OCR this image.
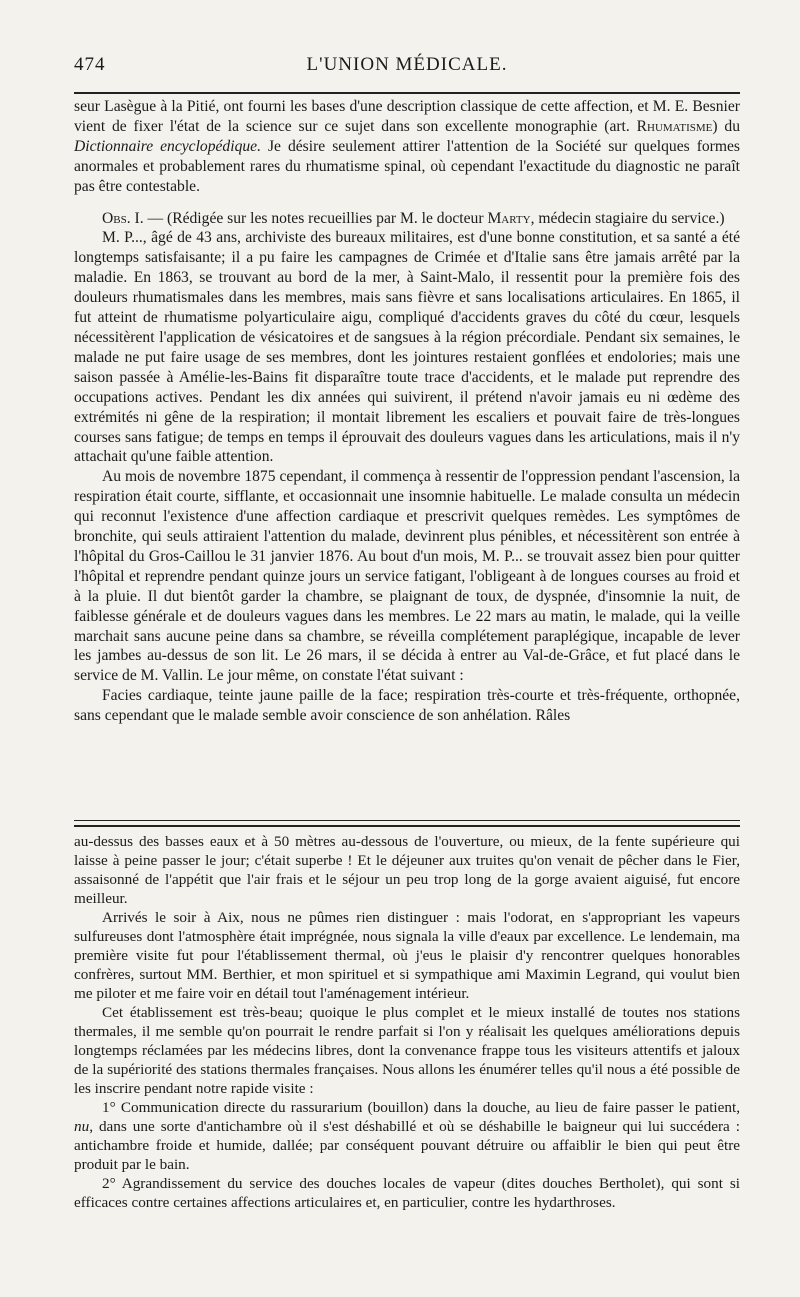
474	L'UNION MÉDICALE.

seur Lasègue à la Pitié, ont fourni les bases d'une description classique de cette affection, et M. E. Besnier vient de fixer l'état de la science sur ce sujet dans son excellente monographie (art. Rhumatisme) du Dictionnaire encyclopédique. Je désire seulement attirer l'attention de la Société sur quelques formes anormales et probablement rares du rhumatisme spinal, où cependant l'exactitude du diagnostic ne paraît pas être contestable.

Obs. I. — (Rédigée sur les notes recueillies par M. le docteur Marty, médecin stagiaire du service.)

M. P..., âgé de 43 ans, archiviste des bureaux militaires, est d'une bonne constitution, et sa santé a été longtemps satisfaisante; il a pu faire les campagnes de Crimée et d'Italie sans être jamais arrêté par la maladie. En 1863, se trouvant au bord de la mer, à Saint-Malo, il ressentit pour la première fois des douleurs rhumatismales dans les membres, mais sans fièvre et sans localisations articulaires. En 1865, il fut atteint de rhumatisme polyarticulaire aigu, compliqué d'accidents graves du côté du cœur, lesquels nécessitèrent l'application de vésicatoires et de sangsues à la région précordiale. Pendant six semaines, le malade ne put faire usage de ses membres, dont les jointures restaient gonflées et endolories; mais une saison passée à Amélie-les-Bains fit disparaître toute trace d'accidents, et le malade put reprendre des occupations actives. Pendant les dix années qui suivirent, il prétend n'avoir jamais eu ni œdème des extrémités ni gêne de la respiration; il montait librement les escaliers et pouvait faire de très-longues courses sans fatigue; de temps en temps il éprouvait des douleurs vagues dans les articulations, mais il n'y attachait qu'une faible attention.

Au mois de novembre 1875 cependant, il commença à ressentir de l'oppression pendant l'ascension, la respiration était courte, sifflante, et occasionnait une insomnie habituelle. Le malade consulta un médecin qui reconnut l'existence d'une affection cardiaque et prescrivit quelques remèdes. Les symptômes de bronchite, qui seuls attiraient l'attention du malade, devinrent plus pénibles, et nécessitèrent son entrée à l'hôpital du Gros-Caillou le 31 janvier 1876. Au bout d'un mois, M. P... se trouvait assez bien pour quitter l'hôpital et reprendre pendant quinze jours un service fatigant, l'obligeant à de longues courses au froid et à la pluie. Il dut bientôt garder la chambre, se plaignant de toux, de dyspnée, d'insomnie la nuit, de faiblesse générale et de douleurs vagues dans les membres. Le 22 mars au matin, le malade, qui la veille marchait sans aucune peine dans sa chambre, se réveilla complétement paraplégique, incapable de lever les jambes au-dessus de son lit. Le 26 mars, il se décida à entrer au Val-de-Grâce, et fut placé dans le service de M. Vallin. Le jour même, on constate l'état suivant :

Facies cardiaque, teinte jaune paille de la face; respiration très-courte et très-fréquente, orthopnée, sans cependant que le malade semble avoir conscience de son anhélation. Râles

au-dessus des basses eaux et à 50 mètres au-dessous de l'ouverture, ou mieux, de la fente supérieure qui laisse à peine passer le jour; c'était superbe ! Et le déjeuner aux truites qu'on venait de pêcher dans le Fier, assaisonné de l'appétit que l'air frais et le séjour un peu trop long de la gorge avaient aiguisé, fut encore meilleur.

Arrivés le soir à Aix, nous ne pûmes rien distinguer : mais l'odorat, en s'appropriant les vapeurs sulfureuses dont l'atmosphère était imprégnée, nous signala la ville d'eaux par excellence. Le lendemain, ma première visite fut pour l'établissement thermal, où j'eus le plaisir d'y rencontrer quelques honorables confrères, surtout MM. Berthier, et mon spirituel et si sympathique ami Maximin Legrand, qui voulut bien me piloter et me faire voir en détail tout l'aménagement intérieur.

Cet établissement est très-beau; quoique le plus complet et le mieux installé de toutes nos stations thermales, il me semble qu'on pourrait le rendre parfait si l'on y réalisait les quelques améliorations depuis longtemps réclamées par les médecins libres, dont la convenance frappe tous les visiteurs attentifs et jaloux de la supériorité des stations thermales françaises. Nous allons les énumérer telles qu'il nous a été possible de les inscrire pendant notre rapide visite :

1° Communication directe du rassurarium (bouillon) dans la douche, au lieu de faire passer le patient, nu, dans une sorte d'antichambre où il s'est déshabillé et où se déshabille le baigneur qui lui succédera : antichambre froide et humide, dallée; par conséquent pouvant détruire ou affaiblir le bien qui peut être produit par le bain.

2° Agrandissement du service des douches locales de vapeur (dites douches Bertholet), qui sont si efficaces contre certaines affections articulaires et, en particulier, contre les hydarthroses.
